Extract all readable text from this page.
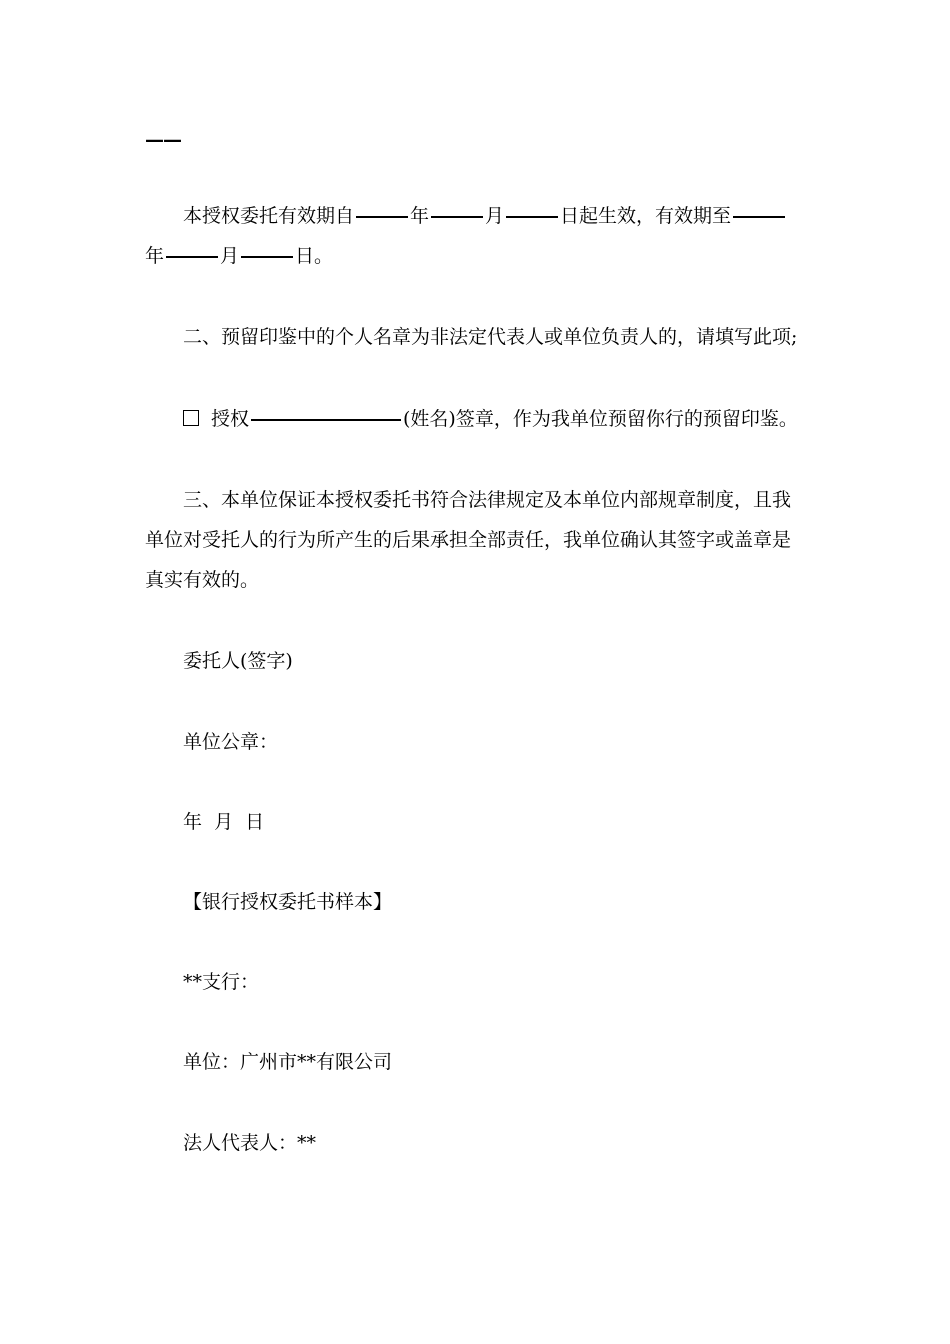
——
本授权委托有效期自	年	月	日起生效，有效期至
年	月	日。
二、预留印鉴中的个人名章为非法定代表人或单位负责人的，请填写此项;
授权	(姓名)签章，作为我单位预留你行的预留印鉴。
三、本单位保证本授权委托书符合法律规定及本单位内部规章制度，且我
单位对受托人的行为所产生的后果承担全部责任，我单位确认其签字或盖章是
真实有效的。
委托人(签字)
单位公章：
年  月  日
【银行授权委托书样本】
**支行：
单位：广州市**有限公司
法人代表人：**
